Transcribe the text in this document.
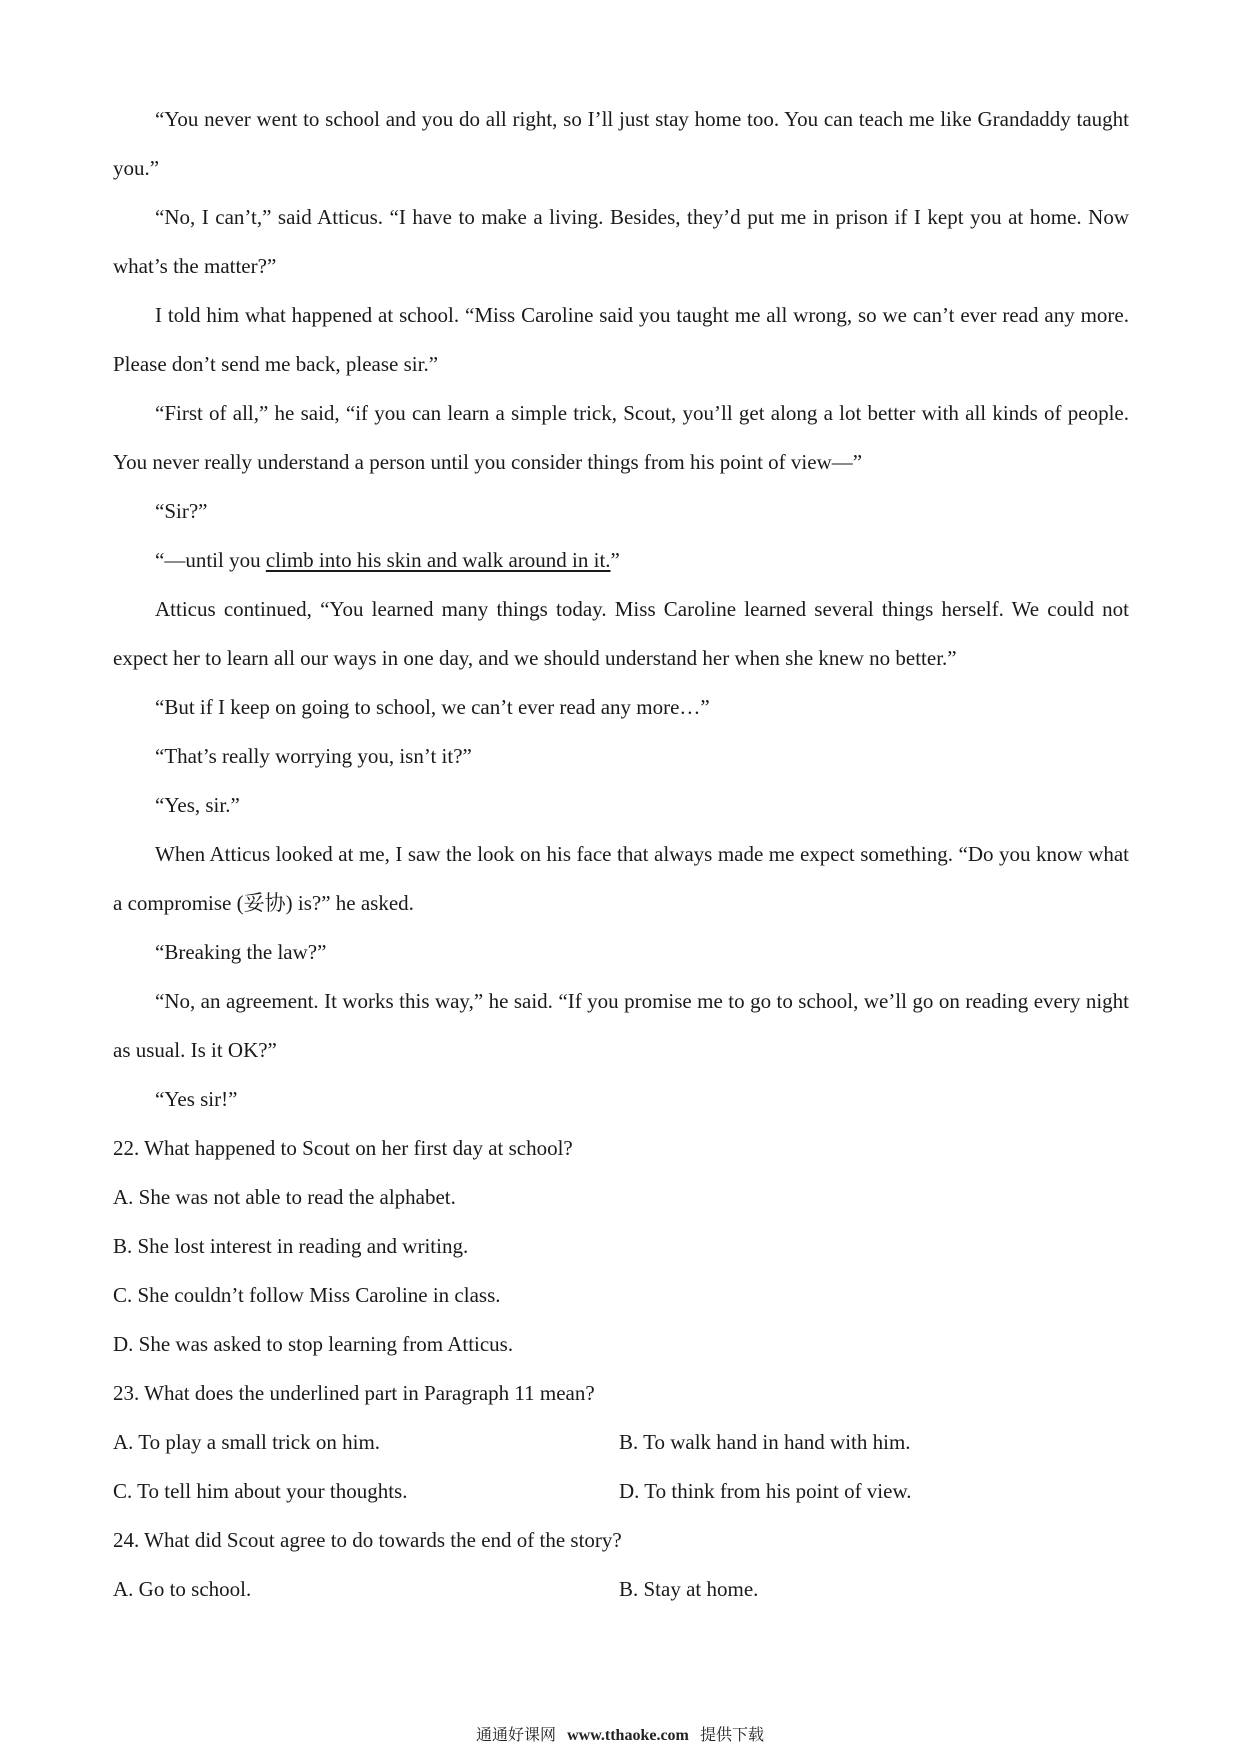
“You never went to school and you do all right, so I’ll just stay home too. You can teach me like Grandaddy taught you.”

“No, I can’t,” said Atticus. “I have to make a living. Besides, they’d put me in prison if I kept you at home. Now what’s the matter?”

I told him what happened at school. “Miss Caroline said you taught me all wrong, so we can’t ever read any more. Please don’t send me back, please sir.”

“First of all,” he said, “if you can learn a simple trick, Scout, you’ll get along a lot better with all kinds of people. You never really understand a person until you consider things from his point of view—”

“Sir?”

“—until you climb into his skin and walk around in it.”

Atticus continued, “You learned many things today. Miss Caroline learned several things herself. We could not expect her to learn all our ways in one day, and we should understand her when she knew no better.”

“But if I keep on going to school, we can’t ever read any more…”

“That’s really worrying you, isn’t it?”

“Yes, sir.”

When Atticus looked at me, I saw the look on his face that always made me expect something. “Do you know what a compromise (妥协) is?” he asked.

“Breaking the law?”

“No, an agreement. It works this way,” he said. “If you promise me to go to school, we’ll go on reading every night as usual. Is it OK?”

“Yes sir!”

22. What happened to Scout on her first day at school?

A. She was not able to read the alphabet.

B. She lost interest in reading and writing.

C. She couldn’t follow Miss Caroline in class.

D. She was asked to stop learning from Atticus.

23. What does the underlined part in Paragraph 11 mean?

A. To play a small trick on him.	B. To walk hand in hand with him.

C. To tell him about your thoughts.	D. To think from his point of view.

24. What did Scout agree to do towards the end of the story?

A. Go to school.	B. Stay at home.

通通好课网 www.tthaoke.com 提供下载
